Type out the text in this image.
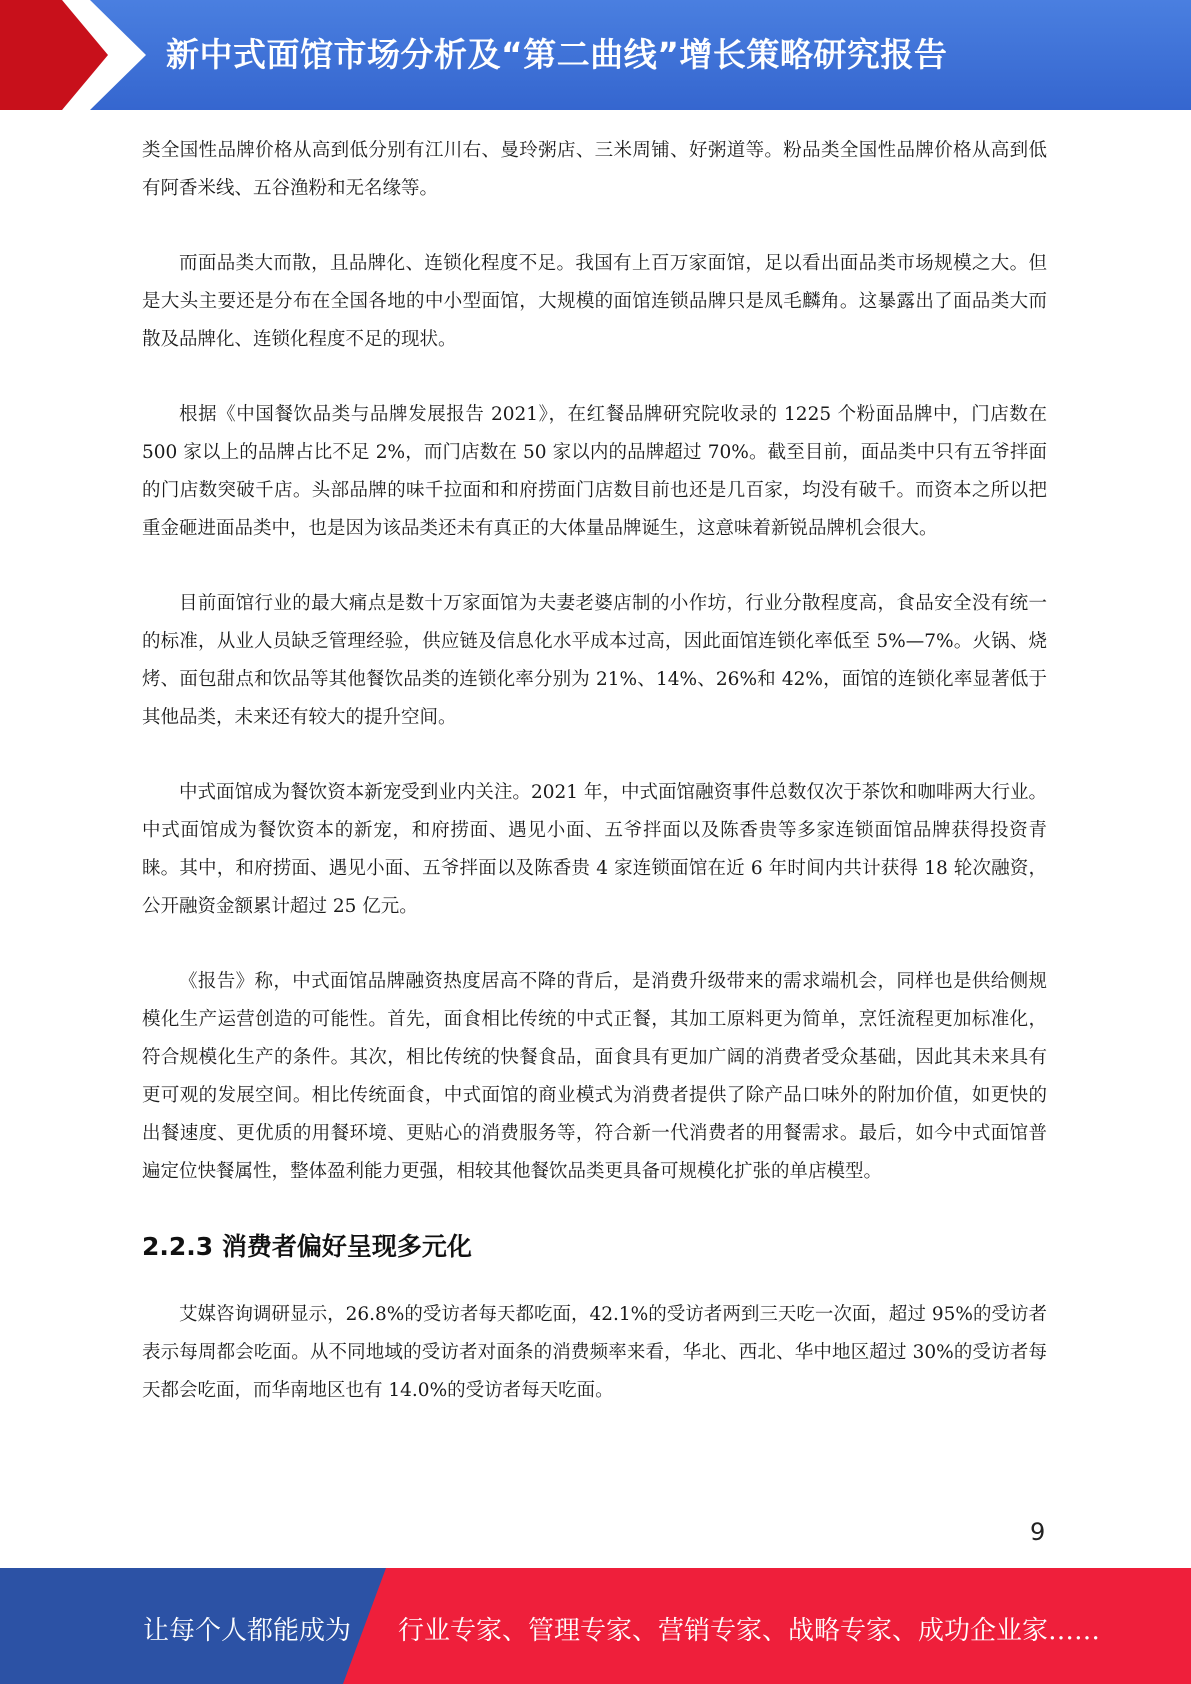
新中式面馆市场分析及“第二曲线”增长策略研究报告

类全国性品牌价格从高到低分别有江川右、曼玲粥店、三米周铺、好粥道等。粉品类全国性品牌价格从高到低有阿香米线、五谷渔粉和无名缘等。

而面品类大而散，且品牌化、连锁化程度不足。我国有上百万家面馆，足以看出面品类市场规模之大。但是大头主要还是分布在全国各地的中小型面馆，大规模的面馆连锁品牌只是凤毛麟角。这暴露出了面品类大而散及品牌化、连锁化程度不足的现状。

根据《中国餐饮品类与品牌发展报告 2021》，在红餐品牌研究院收录的 1225 个粉面品牌中，门店数在 500 家以上的品牌占比不足 2%，而门店数在 50 家以内的品牌超过 70%。截至目前，面品类中只有五爷拌面的门店数突破千店。头部品牌的味千拉面和和府捞面门店数目前也还是几百家，均没有破千。而资本之所以把重金砸进面品类中，也是因为该品类还未有真正的大体量品牌诞生，这意味着新锐品牌机会很大。

目前面馆行业的最大痛点是数十万家面馆为夫妻老婆店制的小作坊，行业分散程度高，食品安全没有统一的标准，从业人员缺乏管理经验，供应链及信息化水平成本过高，因此面馆连锁化率低至 5%—7%。火锅、烧烤、面包甜点和饮品等其他餐饮品类的连锁化率分别为 21%、14%、26%和 42%，面馆的连锁化率显著低于其他品类，未来还有较大的提升空间。

中式面馆成为餐饮资本新宠受到业内关注。2021 年，中式面馆融资事件总数仅次于茶饮和咖啡两大行业。中式面馆成为餐饮资本的新宠，和府捞面、遇见小面、五爷拌面以及陈香贵等多家连锁面馆品牌获得投资青睐。其中，和府捞面、遇见小面、五爷拌面以及陈香贵 4 家连锁面馆在近 6 年时间内共计获得 18 轮次融资，公开融资金额累计超过 25 亿元。

《报告》称，中式面馆品牌融资热度居高不降的背后，是消费升级带来的需求端机会，同样也是供给侧规模化生产运营创造的可能性。首先，面食相比传统的中式正餐，其加工原料更为简单，烹饪流程更加标准化，符合规模化生产的条件。其次，相比传统的快餐食品，面食具有更加广阔的消费者受众基础，因此其未来具有更可观的发展空间。相比传统面食，中式面馆的商业模式为消费者提供了除产品口味外的附加价值，如更快的出餐速度、更优质的用餐环境、更贴心的消费服务等，符合新一代消费者的用餐需求。最后，如今中式面馆普遍定位快餐属性，整体盈利能力更强，相较其他餐饮品类更具备可规模化扩张的单店模型。

2.2.3 消费者偏好呈现多元化

艾媒咨询调研显示，26.8%的受访者每天都吃面，42.1%的受访者两到三天吃一次面，超过 95%的受访者表示每周都会吃面。从不同地域的受访者对面条的消费频率来看，华北、西北、华中地区超过 30%的受访者每天都会吃面，而华南地区也有 14.0%的受访者每天吃面。

9
让每个人都能成为 行业专家、管理专家、营销专家、战略专家、成功企业家……
